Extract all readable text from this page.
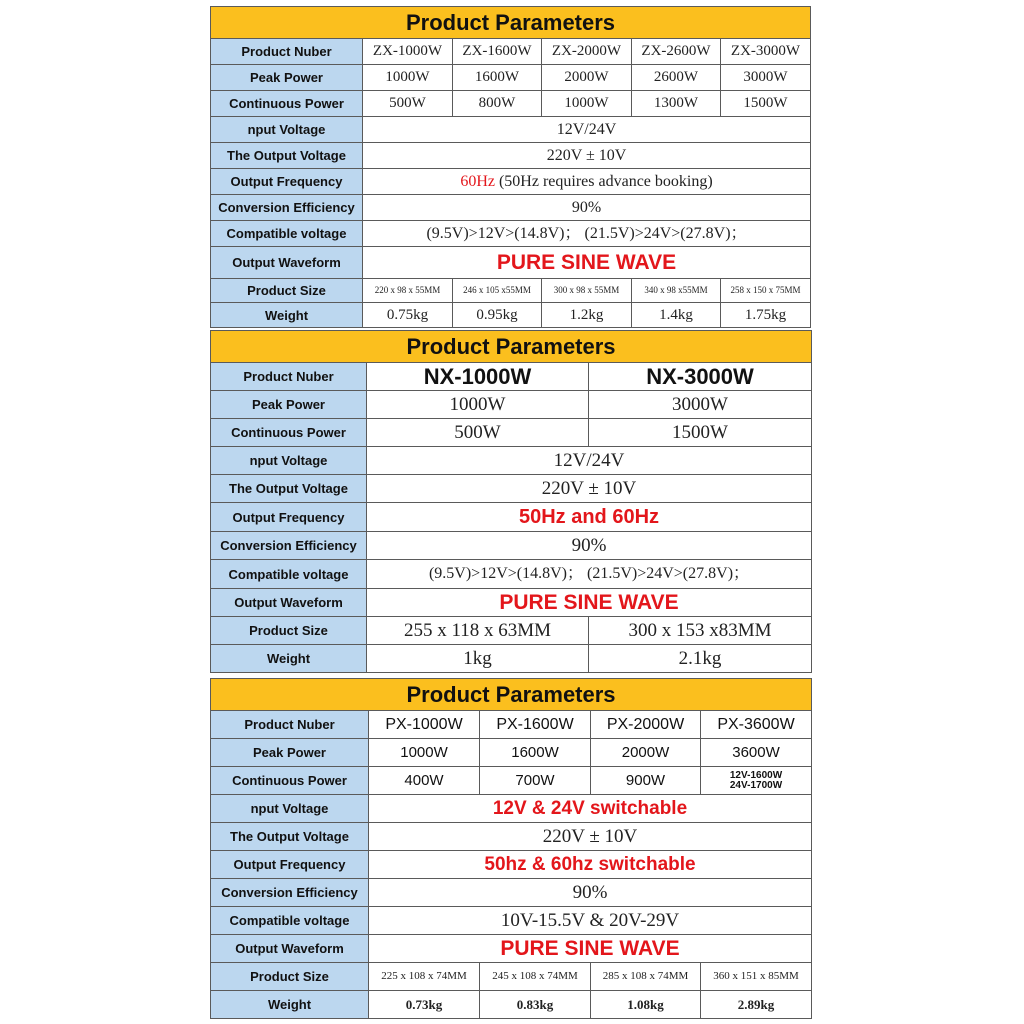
Product Parameters					
Product Nuber	ZX-1000W	ZX-1600W	ZX-2000W	ZX-2600W	ZX-3000W
Peak Power	1000W	1600W	2000W	2600W	3000W
Continuous Power	500W	800W	1000W	1300W	1500W
nput Voltage	12V/24V				
The Output Voltage	220V ± 10V				
Output Frequency	60Hz (50Hz requires advance booking)				
Conversion Efficiency	90%				
Compatible voltage	(9.5V)>12V>(14.8V)； (21.5V)>24V>(27.8V)；				
Output Waveform	PURE SINE WAVE				
Product Size	220 x 98 x 55MM	246 x 105 x55MM	300 x 98 x 55MM	340 x 98 x55MM	258 x 150 x 75MM
Weight	0.75kg	0.95kg	1.2kg	1.4kg	1.75kg
Product Parameters		
Product Nuber	NX-1000W	NX-3000W
Peak Power	1000W	3000W
Continuous Power	500W	1500W
nput Voltage	12V/24V	
The Output Voltage	220V ± 10V	
Output Frequency	50Hz and 60Hz	
Conversion Efficiency	90%	
Compatible voltage	(9.5V)>12V>(14.8V)； (21.5V)>24V>(27.8V)；	
Output Waveform	PURE SINE WAVE	
Product Size	255 x 118 x 63MM	300 x 153 x83MM
Weight	1kg	2.1kg
Product Parameters				
Product Nuber	PX-1000W	PX-1600W	PX-2000W	PX-3600W
Peak Power	1000W	1600W	2000W	3600W
Continuous Power	400W	700W	900W	12V-1600W
24V-1700W

nput Voltage	12V & 24V switchable			
The Output Voltage	220V ± 10V			
Output Frequency	50hz & 60hz switchable			
Conversion Efficiency	90%			
Compatible voltage	10V-15.5V & 20V-29V			
Output Waveform	PURE SINE WAVE			
Product Size	225 x 108 x 74MM	245 x 108 x 74MM	285 x 108 x 74MM	360 x 151 x 85MM
Weight	0.73kg	0.83kg	1.08kg	2.89kg
